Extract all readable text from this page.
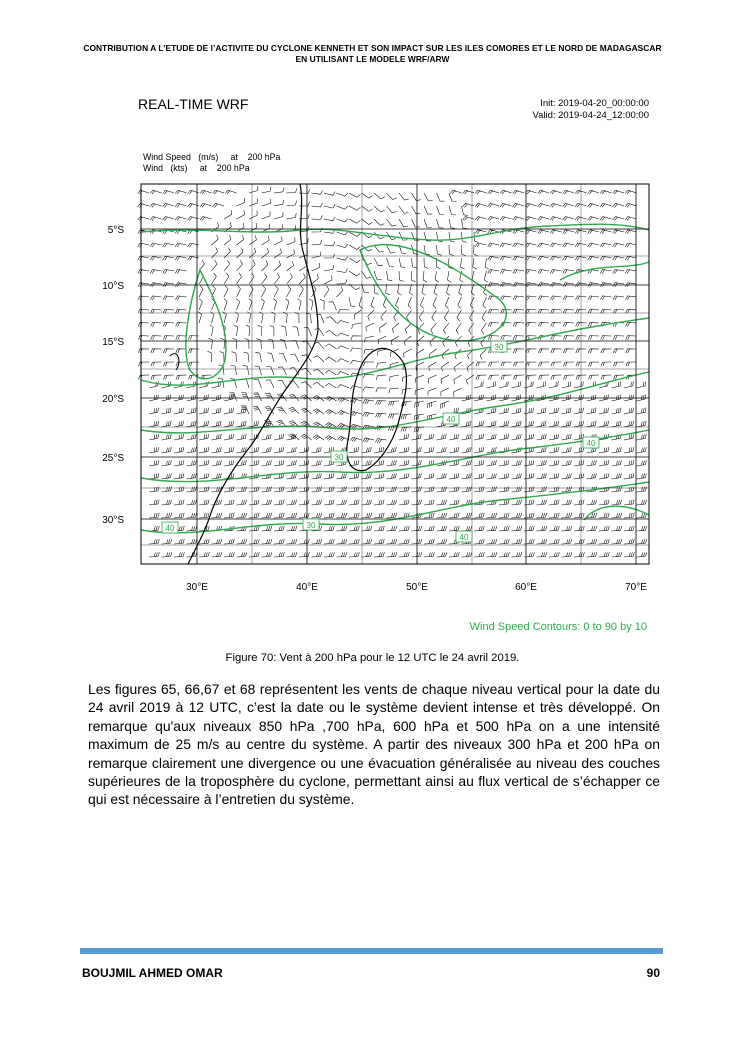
CONTRIBUTION A L’ETUDE DE l’ACTIVITE DU CYCLONE KENNETH ET SON IMPACT SUR LES ILES COMORES ET LE NORD DE MADAGASCAR
EN UTILISANT LE MODELE WRF/ARW
REAL-TIME WRF	Init: 2019-04-20_00:00:00
Valid: 2019-04-24_12:00:00
Wind Speed   (m/s)     at    200 hPa
Wind   (kts)     at    200 hPa
5°S
10°S
15°S
20°S
25°S
30°S
30°E	40°E	50°E	60°E	70°E
30
40
40
30
30
40
40
Wind Speed Contours: 0 to 90 by 10
Figure 70: Vent à 200 hPa pour le 12 UTC le 24 avril 2019.
Les figures 65, 66,67 et 68 représentent les vents de chaque niveau vertical pour la date du 24 avril 2019 à 12 UTC, c’est la date ou le système devient intense et très développé. On remarque qu'aux niveaux 850 hPa ,700 hPa, 600 hPa et 500 hPa on a une intensité maximum de 25 m/s au centre du système. A partir des niveaux 300 hPa et 200 hPa on remarque clairement une divergence ou une évacuation généralisée au niveau des couches supérieures de la troposphère du cyclone, permettant ainsi au flux vertical de s’échapper ce qui est nécessaire à l’entretien du système.
BOUJMIL AHMED OMAR	90
